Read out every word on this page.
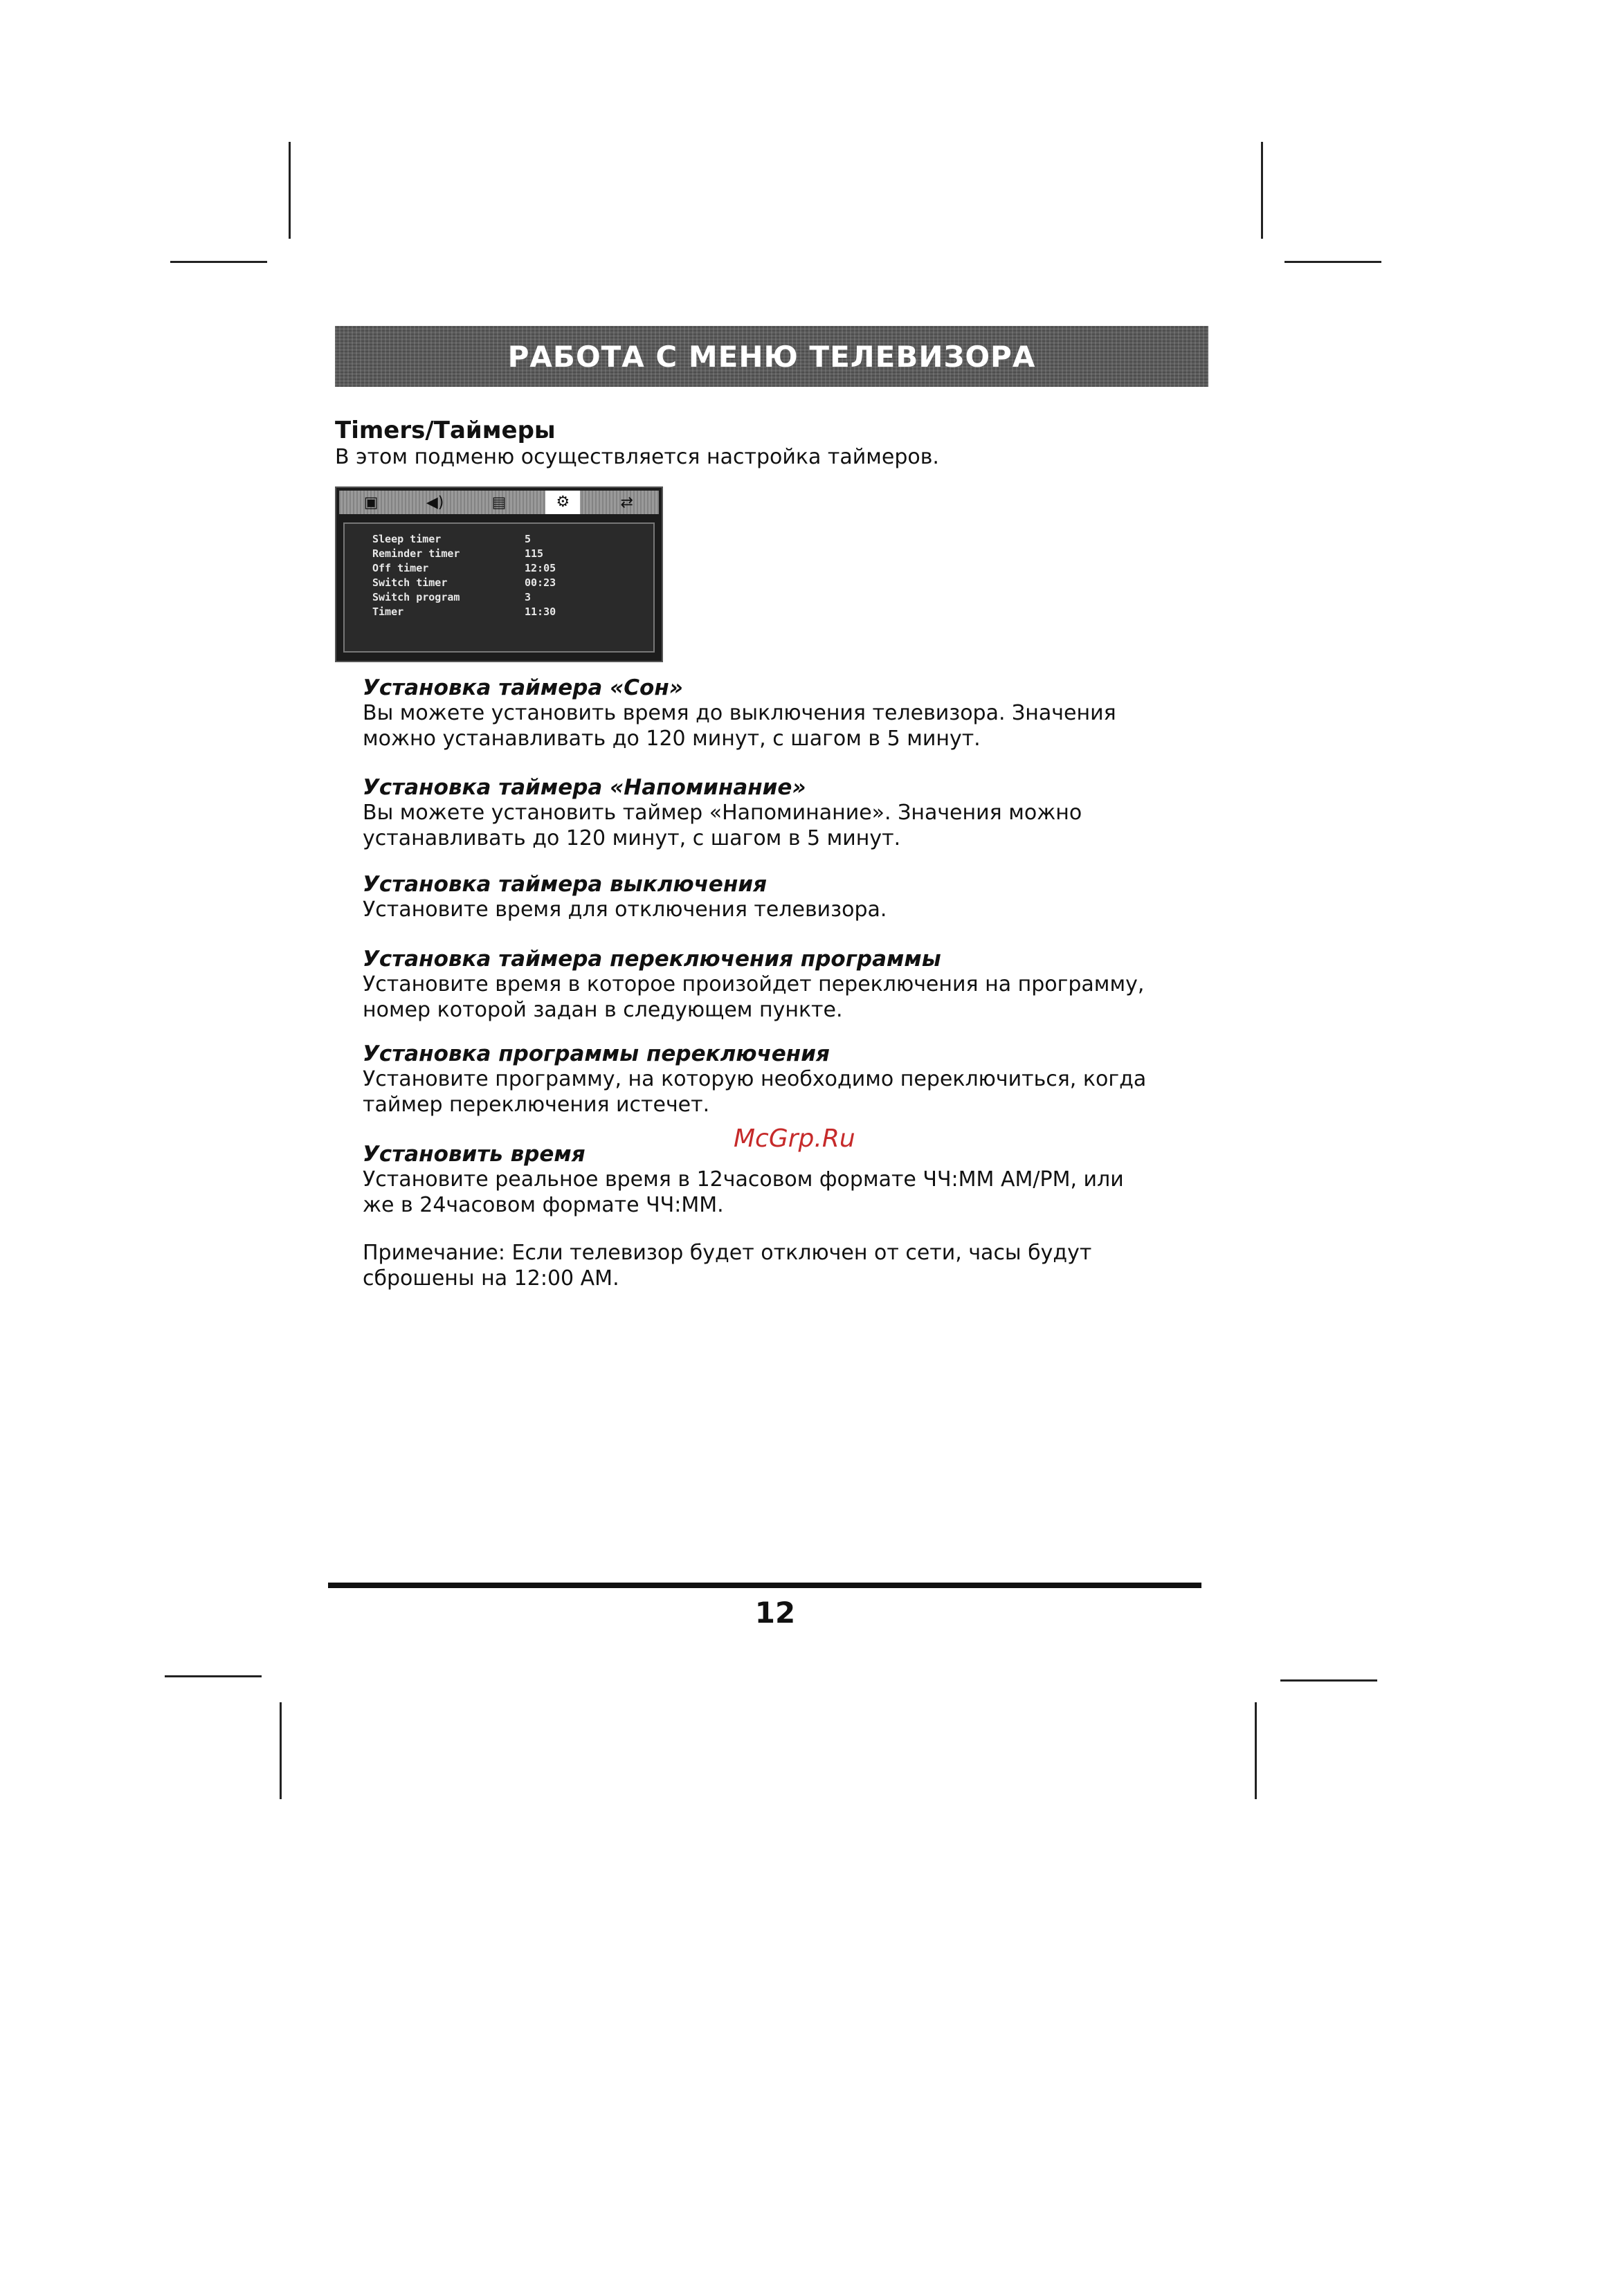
РАБОТА С МЕНЮ ТЕЛЕВИЗОРА

Timers/Таймеры

В этом подменю осуществляется настройка таймеров.

▣	◀)	▤	⚙	⇄
Sleep timer	5
Reminder timer	115
Off timer	12:05
Switch timer	00:23
Switch program	3
Timer	11:30

Установка таймера «Сон»

Вы можете установить время до выключения телевизора. Значения

можно устанавливать до 120 минут, с шагом в 5 минут.

Установка таймера «Напоминание»

Вы можете установить таймер «Напоминание». Значения можно

устанавливать до 120 минут, с шагом в 5 минут.

Установка таймера выключения

Установите время для отключения телевизора.

Установка таймера переключения программы

Установите время в которое произойдет переключения на программу,

номер которой задан в следующем пункте.

Установка программы переключения

Установите программу, на которую необходимо переключиться, когда

таймер переключения истечет.

Установить время

Установите реальное время в 12часовом формате ЧЧ:ММ AM/PM, или

же в 24часовом формате ЧЧ:ММ.

Примечание: Если телевизор будет отключен от сети, часы будут

сброшены на 12:00 AM.

McGrp.Ru
12
